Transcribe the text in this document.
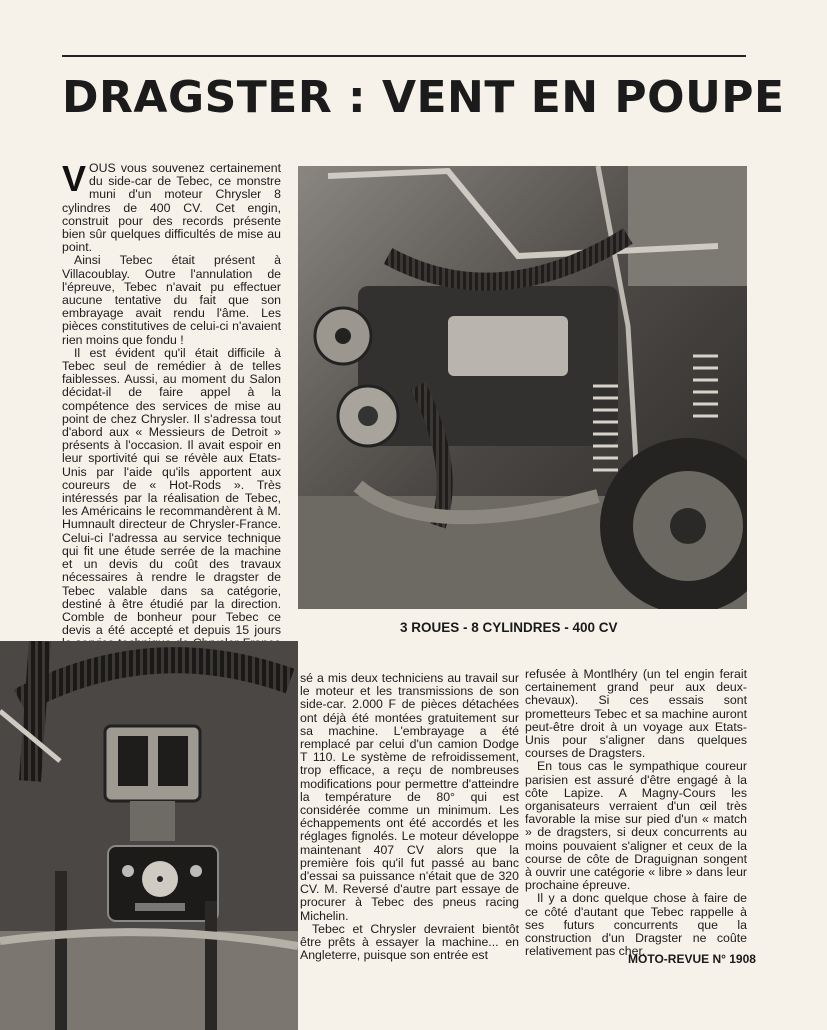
DRAGSTER : VENT EN POUPE

VOUS vous souvenez certainement du side-car de Tebec, ce monstre muni d'un moteur Chrysler 8 cylindres de 400 CV. Cet engin, construit pour des records présente bien sûr quelques difficultés de mise au point.

Ainsi Tebec était présent à Villacoublay. Outre l'annulation de l'épreuve, Tebec n'avait pu effectuer aucune tentative du fait que son embrayage avait rendu l'âme. Les pièces constitutives de celui-ci n'avaient rien moins que fondu !

Il est évident qu'il était difficile à Tebec seul de remédier à de telles faiblesses. Aussi, au moment du Salon décidat-il de faire appel à la compétence des services de mise au point de chez Chrysler. Il s'adressa tout d'abord aux « Messieurs de Detroit » présents à l'occasion. Il avait espoir en leur sportivité qui se révèle aux Etats-Unis par l'aide qu'ils apportent aux coureurs de « Hot-Rods ». Très intéressés par la réalisation de Tebec, les Américains le recommandèrent à M. Humnault directeur de Chrysler-France. Celui-ci l'adressa au service technique qui fit une étude serrée de la machine et un devis du coût des travaux nécessaires à rendre le dragster de Tebec valable dans sa catégorie, destiné à être étudié par la direction. Comble de bonheur pour Tebec ce devis a été accepté et depuis 15 jours	3 ROUES - 8 CYLINDRES - 400 CV

sé a mis deux techniciens au travail sur le moteur et les transmissions de son side-car. 2.000 F de pièces détachées ont déjà été montées gratuitement sur sa machine. L'embrayage a été remplacé par celui d'un camion Dodge T 110. Le système de refroidissement, trop efficace, a reçu de nombreuses modifications pour permettre d'atteindre la température de 80° qui est considérée comme un minimum. Les échappements ont été accordés et les réglages fignolés. Le moteur développe maintenant 407 CV alors que la première fois qu'il fut passé au banc d'essai sa puissance n'était que de 320 CV. M. Reversé d'autre part essaye de procurer à Tebec des pneus racing Michelin.

Tebec et Chrysler devraient bientôt être prêts à essayer la machine... en Angleterre, puisque son entrée est

refusée à Montlhéry (un tel engin ferait certainement grand peur aux deux-chevaux). Si ces essais sont prometteurs Tebec et sa machine auront peut-être droit à un voyage aux Etats-Unis pour s'aligner dans quelques courses de Dragsters.

En tous cas le sympathique coureur parisien est assuré d'être engagé à la côte Lapize. A Magny-Cours les organisateurs verraient d'un œil très favorable la mise sur pied d'un « match » de dragsters, si deux concurrents au moins pouvaient s'aligner et ceux de la course de côte de Draguignan songent à ouvrir une catégorie « libre » dans leur prochaine épreuve.

Il y a donc quelque chose à faire de ce côté d'autant que Tebec rappelle à ses futurs concurrents que la construction d'un Dragster ne coûte relativement pas cher.

MOTO-REVUE N° 1908
